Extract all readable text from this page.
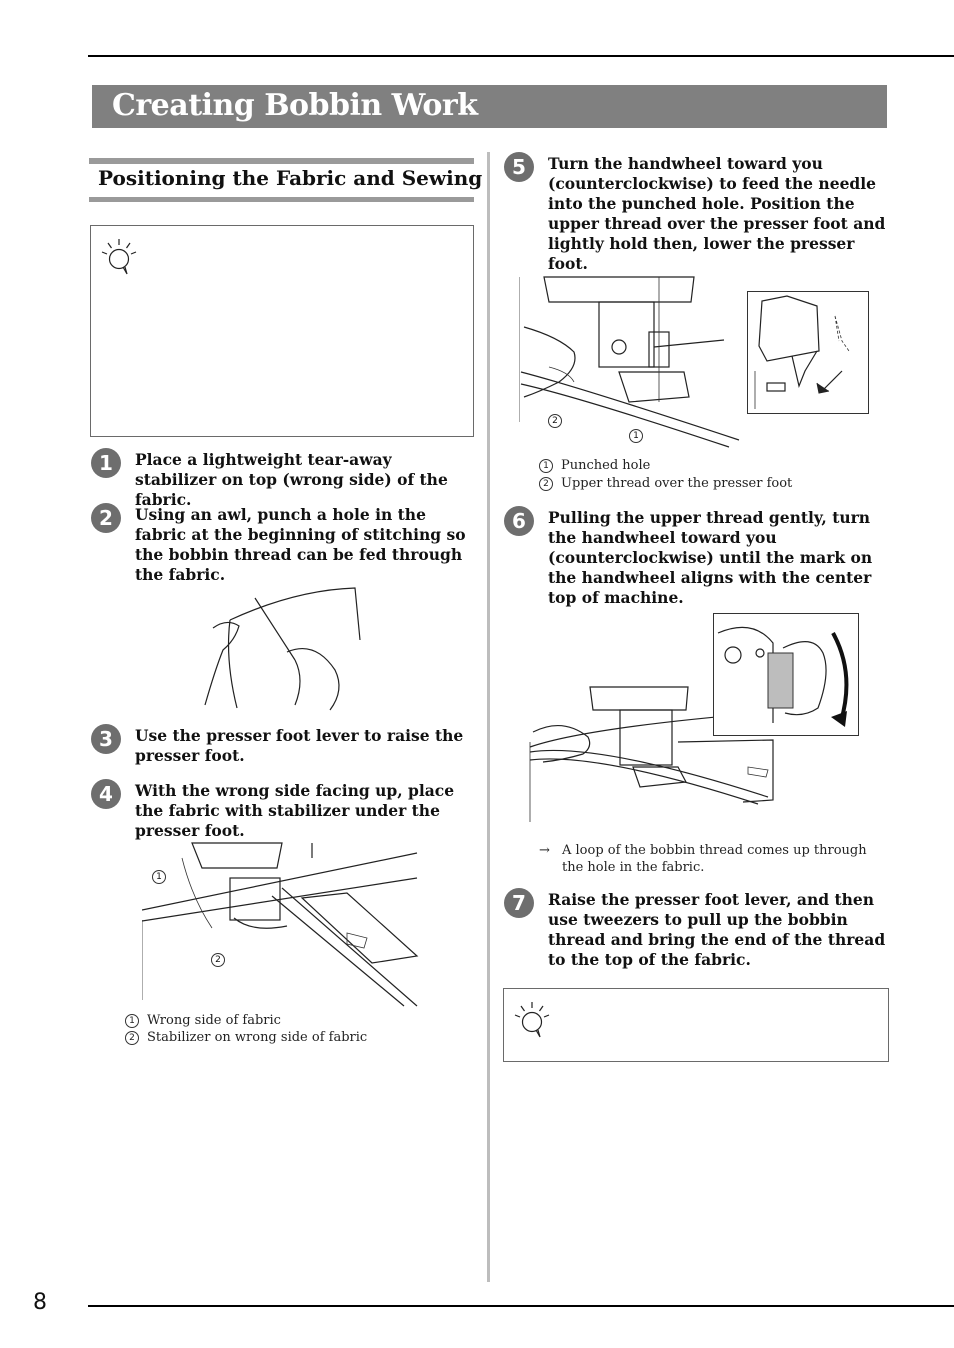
Creating Bobbin Work
Positioning the Fabric and Sewing
1	Place a lightweight tear-away stabilizer on top (wrong side) of the fabric.
2	Using an awl, punch a hole in the fabric at the beginning of stitching so the bobbin thread can be fed through the fabric.
3	Use the presser foot lever to raise the presser foot.
4	With the wrong side facing up, place the fabric with stabilizer under the presser foot.
1
2
1 Wrong side of fabric
2 Stabilizer on wrong side of fabric
5	Turn the handwheel toward you (counterclockwise) to feed the needle into the punched hole. Position the upper thread over the presser foot and lightly hold then, lower the presser foot.
2
1
1 Punched hole
2 Upper thread over the presser foot
6	Pulling the upper thread gently, turn the handwheel toward you (counterclockwise) until the mark on the handwheel aligns with the center top of machine.
→ A loop of the bobbin thread comes up through the hole in the fabric.
7	Raise the presser foot lever, and then use tweezers to pull up the bobbin thread and bring the end of the thread to the top of the fabric.
8
